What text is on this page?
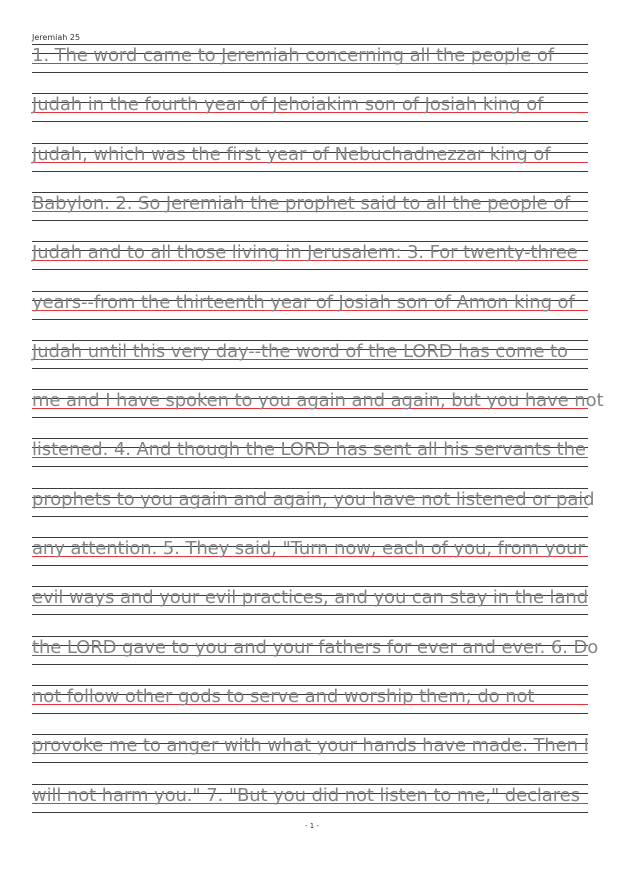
Jeremiah 25
1. The word came to Jeremiah concerning all the people of
Judah in the fourth year of Jehoiakim son of Josiah king of
Judah, which was the first year of Nebuchadnezzar king of
Babylon. 2. So Jeremiah the prophet said to all the people of
Judah and to all those living in Jerusalem: 3. For twenty-three
years--from the thirteenth year of Josiah son of Amon king of
Judah until this very day--the word of the LORD has come to
me and I have spoken to you again and again, but you have not
listened. 4. And though the LORD has sent all his servants the
prophets to you again and again, you have not listened or paid
any attention. 5. They said, "Turn now, each of you, from your
evil ways and your evil practices, and you can stay in the land
the LORD gave to you and your fathers for ever and ever. 6. Do
not follow other gods to serve and worship them; do not
provoke me to anger with what your hands have made. Then I
will not harm you." 7. "But you did not listen to me," declares
- 1 -
